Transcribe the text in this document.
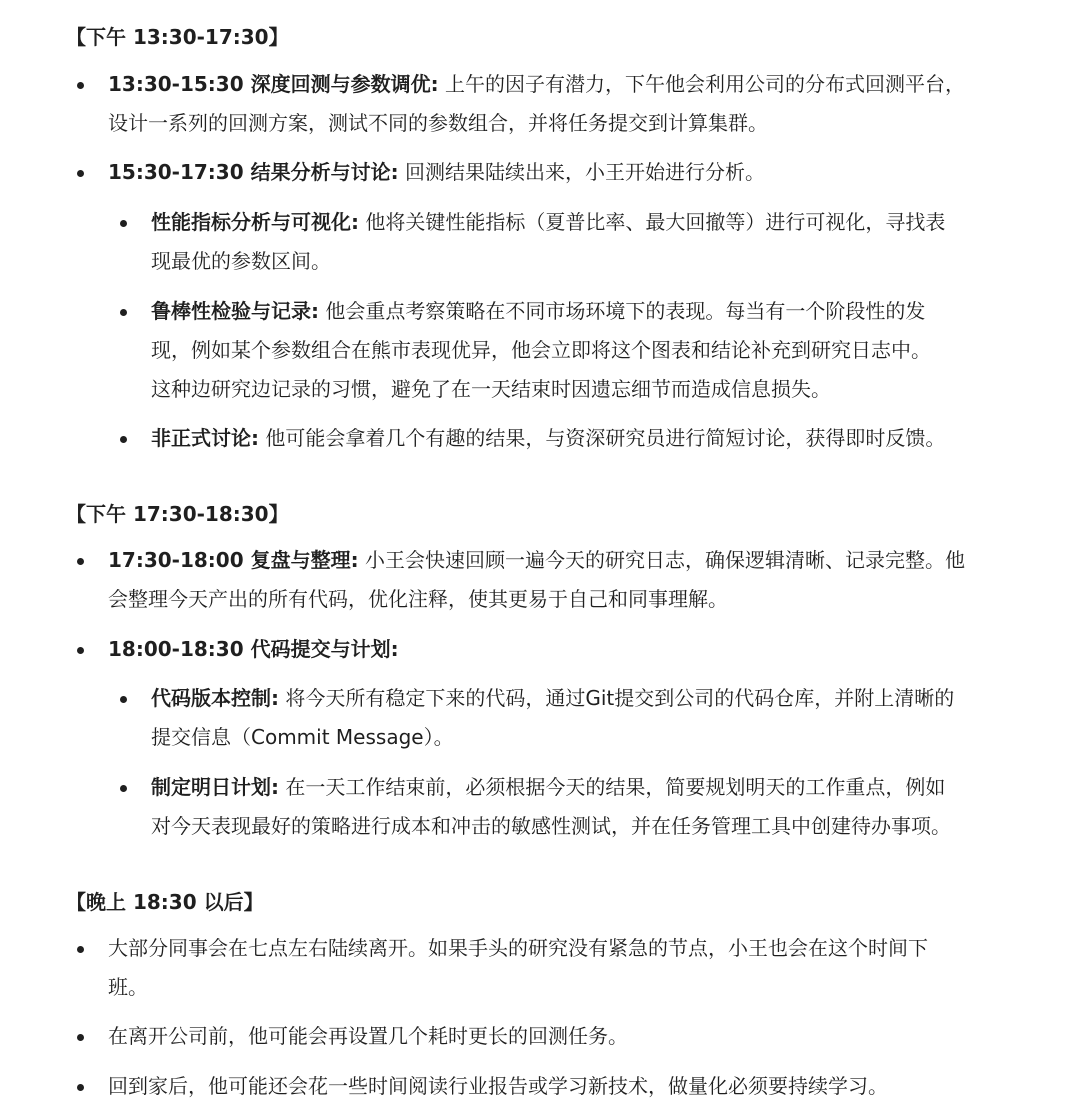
【下午 13:30-17:30】
13:30-15:30 深度回测与参数调优: 上午的因子有潜力，下午他会利用公司的分布式回测平台，
设计一系列的回测方案，测试不同的参数组合，并将任务提交到计算集群。
15:30-17:30 结果分析与讨论: 回测结果陆续出来，小王开始进行分析。
性能指标分析与可视化: 他将关键性能指标（夏普比率、最大回撤等）进行可视化，寻找表
现最优的参数区间。
鲁棒性检验与记录: 他会重点考察策略在不同市场环境下的表现。每当有一个阶段性的发
现，例如某个参数组合在熊市表现优异，他会立即将这个图表和结论补充到研究日志中。
这种边研究边记录的习惯，避免了在一天结束时因遗忘细节而造成信息损失。
非正式讨论: 他可能会拿着几个有趣的结果，与资深研究员进行简短讨论，获得即时反馈。
【下午 17:30-18:30】
17:30-18:00 复盘与整理: 小王会快速回顾一遍今天的研究日志，确保逻辑清晰、记录完整。他
会整理今天产出的所有代码，优化注释，使其更易于自己和同事理解。
18:00-18:30 代码提交与计划:
代码版本控制: 将今天所有稳定下来的代码，通过Git提交到公司的代码仓库，并附上清晰的
提交信息（Commit Message）。
制定明日计划: 在一天工作结束前，必须根据今天的结果，简要规划明天的工作重点，例如
对今天表现最好的策略进行成本和冲击的敏感性测试，并在任务管理工具中创建待办事项。
【晚上 18:30 以后】
大部分同事会在七点左右陆续离开。如果手头的研究没有紧急的节点，小王也会在这个时间下
班。
在离开公司前，他可能会再设置几个耗时更长的回测任务。
回到家后，他可能还会花一些时间阅读行业报告或学习新技术，做量化必须要持续学习。
